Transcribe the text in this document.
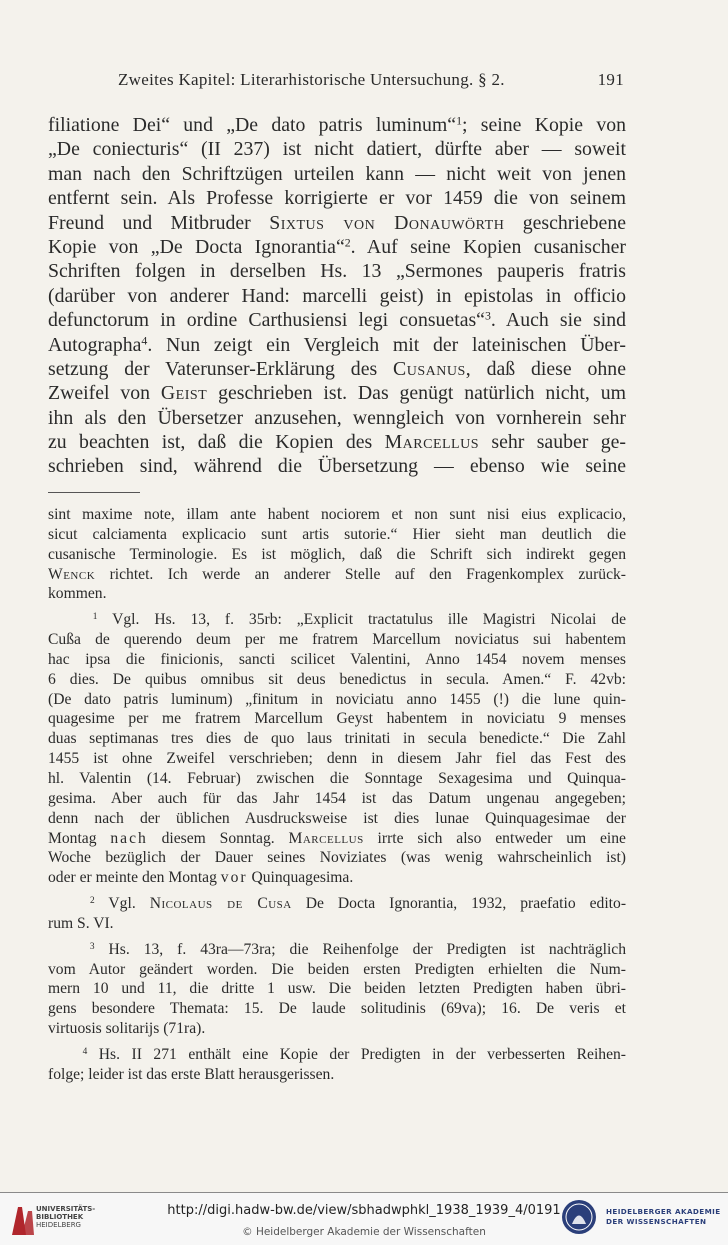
Zweites Kapitel: Literarhistorische Untersuchung. § 2.	191
filiatione Dei“ und „De dato patris luminum“$^1$; seine Kopie von
„De coniecturis“ (II 237) ist nicht datiert, dürfte aber — soweit
man nach den Schriftzügen urteilen kann — nicht weit von jenen
entfernt sein. Als Professe korrigierte er vor 1459 die von seinem
Freund und Mitbruder Sixtus von Donauwörth geschriebene
Kopie von „De Docta Ignorantia“$^2$. Auf seine Kopien cusanischer
Schriften folgen in derselben Hs. 13 „Sermones pauperis fratris
(darüber von anderer Hand: marcelli geist) in epistolas in officio
defunctorum in ordine Carthusiensi legi consuetas“$^3$. Auch sie sind
Autographa$^4$. Nun zeigt ein Vergleich mit der lateinischen Über-
setzung der Vaterunser-Erklärung des Cusanus, daß diese ohne
Zweifel von Geist geschrieben ist. Das genügt natürlich nicht, um
ihn als den Übersetzer anzusehen, wenngleich von vornherein sehr
zu beachten ist, daß die Kopien des Marcellus sehr sauber ge-
schrieben sind, während die Übersetzung — ebenso wie seine
sint maxime note, illam ante habent nociorem et non sunt nisi eius explicacio,
sicut calciamenta explicacio sunt artis sutorie.“ Hier sieht man deutlich die
cusanische Terminologie. Es ist möglich, daß die Schrift sich indirekt gegen
Wenck richtet. Ich werde an anderer Stelle auf den Fragenkomplex zurück-
kommen.
$^1$ Vgl. Hs. 13, f. 35rb: „Explicit tractatulus ille Magistri Nicolai de
Cußa de querendo deum per me fratrem Marcellum noviciatus sui habentem
hac ipsa die finicionis, sancti scilicet Valentini, Anno 1454 novem menses
6 dies. De quibus omnibus sit deus benedictus in secula. Amen.“ F. 42vb:
(De dato patris luminum) „finitum in noviciatu anno 1455 (!) die lune quin-
quagesime per me fratrem Marcellum Geyst habentem in noviciatu 9 menses
duas septimanas tres dies de quo laus trinitati in secula benedicte.“ Die Zahl
1455 ist ohne Zweifel verschrieben; denn in diesem Jahr fiel das Fest des
hl. Valentin (14. Februar) zwischen die Sonntage Sexagesima und Quinqua-
gesima. Aber auch für das Jahr 1454 ist das Datum ungenau angegeben;
denn nach der üblichen Ausdrucksweise ist dies lunae Quinquagesimae der
Montag nach diesem Sonntag. Marcellus irrte sich also entweder um eine
Woche bezüglich der Dauer seines Noviziates (was wenig wahrscheinlich ist)
oder er meinte den Montag vor Quinquagesima.
$^2$ Vgl. Nicolaus de Cusa De Docta Ignorantia, 1932, praefatio edito-
rum S. VI.
$^3$ Hs. 13, f. 43ra—73ra; die Reihenfolge der Predigten ist nachträglich
vom Autor geändert worden. Die beiden ersten Predigten erhielten die Num-
mern 10 und 11, die dritte 1 usw. Die beiden letzten Predigten haben übri-
gens besondere Themata: 15. De laude solitudinis (69va); 16. De veris et
virtuosis solitarijs (71ra).
$^4$ Hs. II 271 enthält eine Kopie der Predigten in der verbesserten Reihen-
folge; leider ist das erste Blatt herausgerissen.
UNIVERSITÄTS-
BIBLIOTHEK
HEIDELBERG
http://digi.hadw-bw.de/view/sbhadwphkl_1938_1939_4/0191
© Heidelberger Akademie der Wissenschaften
HEIDELBERGER AKADEMIE
DER WISSENSCHAFTEN
